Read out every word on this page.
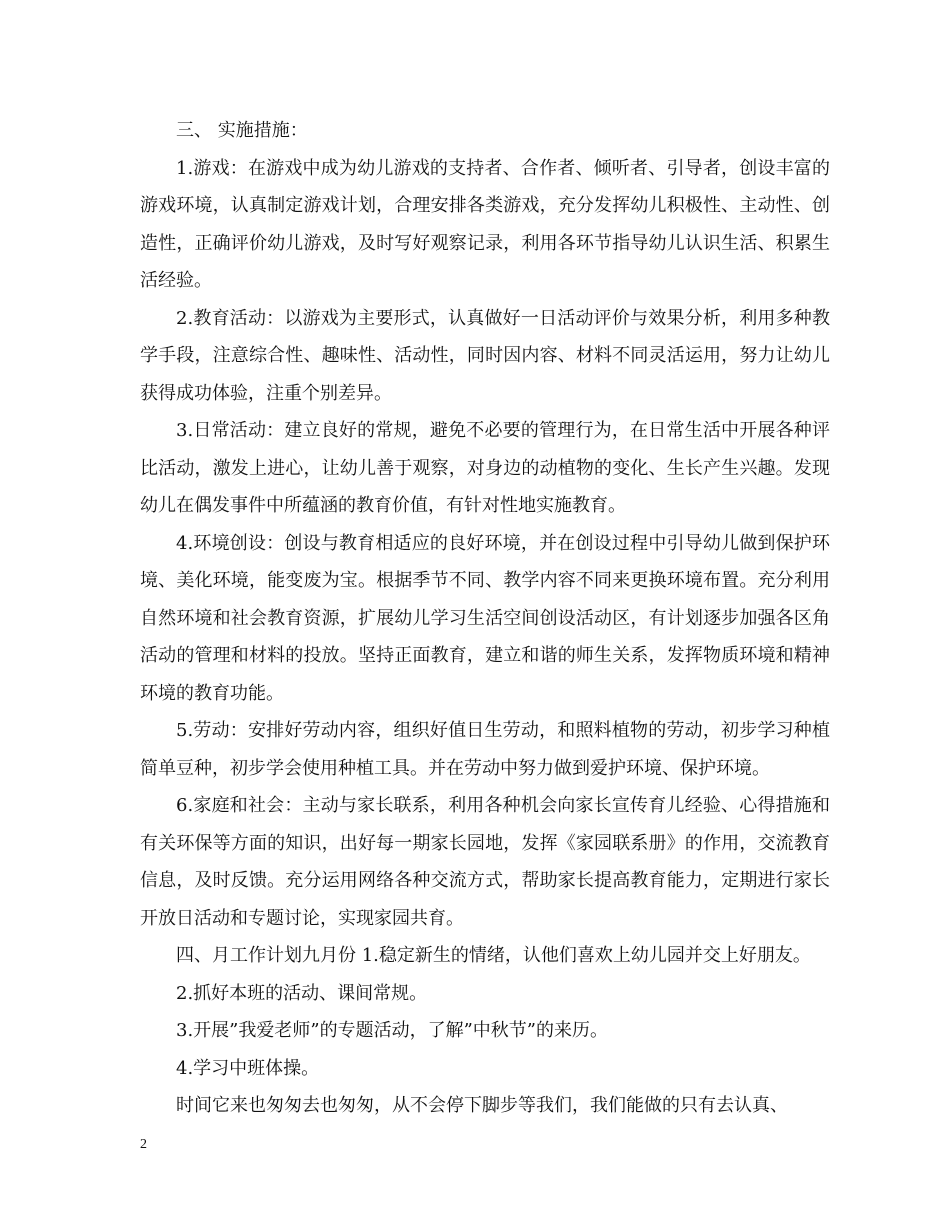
三、 实施措施：

1.游戏：在游戏中成为幼儿游戏的支持者、合作者、倾听者、引导者，创设丰富的游戏环境，认真制定游戏计划，合理安排各类游戏，充分发挥幼儿积极性、主动性、创造性，正确评价幼儿游戏，及时写好观察记录，利用各环节指导幼儿认识生活、积累生活经验。

2.教育活动：以游戏为主要形式，认真做好一日活动评价与效果分析，利用多种教学手段，注意综合性、趣味性、活动性，同时因内容、材料不同灵活运用，努力让幼儿获得成功体验，注重个别差异。

3.日常活动：建立良好的常规，避免不必要的管理行为，在日常生活中开展各种评比活动，激发上进心，让幼儿善于观察，对身边的动植物的变化、生长产生兴趣。发现幼儿在偶发事件中所蕴涵的教育价值，有针对性地实施教育。

4.环境创设：创设与教育相适应的良好环境，并在创设过程中引导幼儿做到保护环境、美化环境，能变废为宝。根据季节不同、教学内容不同来更换环境布置。充分利用自然环境和社会教育资源，扩展幼儿学习生活空间创设活动区，有计划逐步加强各区角活动的管理和材料的投放。坚持正面教育，建立和谐的师生关系，发挥物质环境和精神环境的教育功能。

5.劳动：安排好劳动内容，组织好值日生劳动，和照料植物的劳动，初步学习种植简单豆种，初步学会使用种植工具。并在劳动中努力做到爱护环境、保护环境。

6.家庭和社会：主动与家长联系，利用各种机会向家长宣传育儿经验、心得措施和有关环保等方面的知识，出好每一期家长园地，发挥《家园联系册》的作用，交流教育信息，及时反馈。充分运用网络各种交流方式，帮助家长提高教育能力，定期进行家长开放日活动和专题讨论，实现家园共育。

四、月工作计划九月份 1.稳定新生的情绪，认他们喜欢上幼儿园并交上好朋友。

2.抓好本班的活动、课间常规。

3.开展”我爱老师”的专题活动，了解”中秋节”的来历。

4.学习中班体操。

时间它来也匆匆去也匆匆，从不会停下脚步等我们，我们能做的只有去认真、

2
